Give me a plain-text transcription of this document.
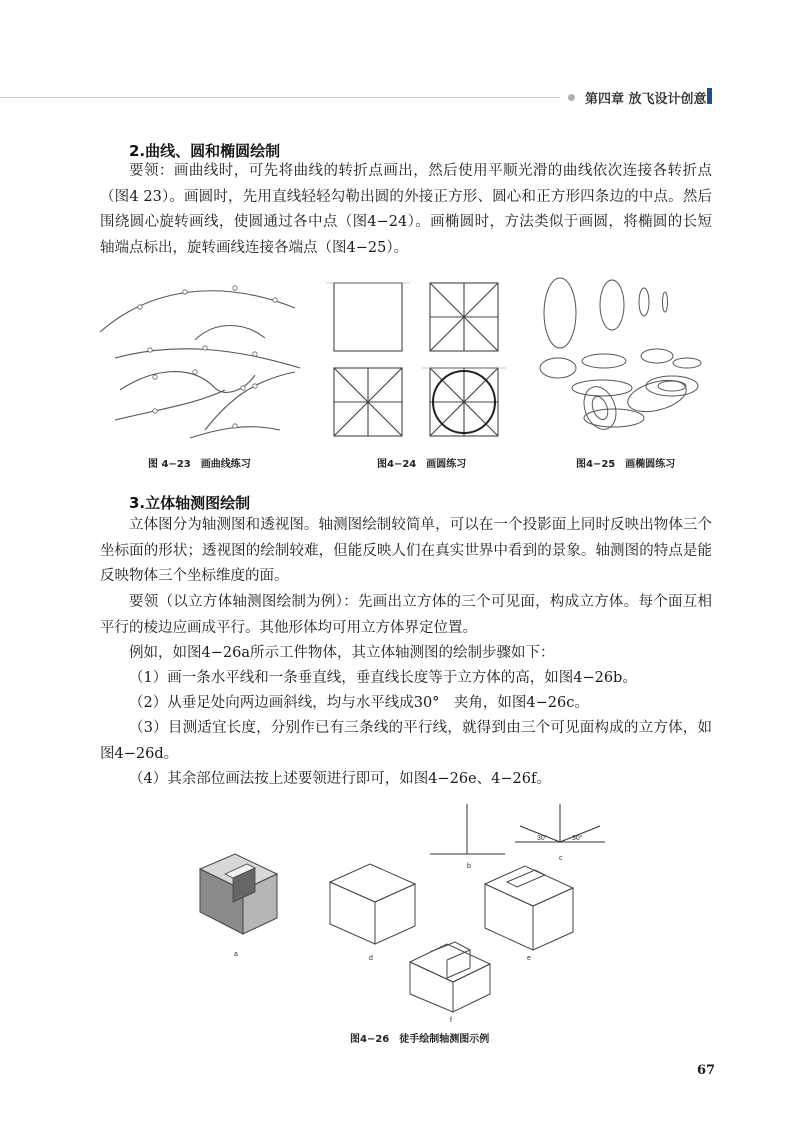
第四章 放飞设计创意
2.曲线、圆和椭圆绘制

要领：画曲线时，可先将曲线的转折点画出，然后使用平顺光滑的曲线依次连接各转折点（图4 23）。画圆时，先用直线轻轻勾勒出圆的外接正方形、圆心和正方形四条边的中点。然后围绕圆心旋转画线，使圆通过各中点（图4−24）。画椭圆时，方法类似于画圆，将椭圆的长短轴端点标出，旋转画线连接各端点（图4−25）。

图 4−23　画曲线练习	图4−24　画圆练习	图4−25　画椭圆练习
3.立体轴测图绘制

立体图分为轴测图和透视图。轴测图绘制较简单，可以在一个投影面上同时反映出物体三个坐标面的形状；透视图的绘制较难，但能反映人们在真实世界中看到的景象。轴测图的特点是能反映物体三个坐标维度的面。

要领（以立方体轴测图绘制为例）：先画出立方体的三个可见面，构成立方体。每个面互相平行的棱边应画成平行。其他形体均可用立方体界定位置。

例如，如图4−26a所示工件物体，其立体轴测图的绘制步骤如下：

（1）画一条水平线和一条垂直线，垂直线长度等于立方体的高，如图4−26b。

（2）从垂足处向两边画斜线，均与水平线成30°　夹角，如图4−26c。

（3）目测适宜长度，分别作已有三条线的平行线，就得到由三个可见面构成的立方体，如图4−26d。

（4）其余部位画法按上述要领进行即可，如图4−26e、4−26f。

30°	30°
a
b
c
d	e
f
图4−26　徒手绘制轴测图示例
67
